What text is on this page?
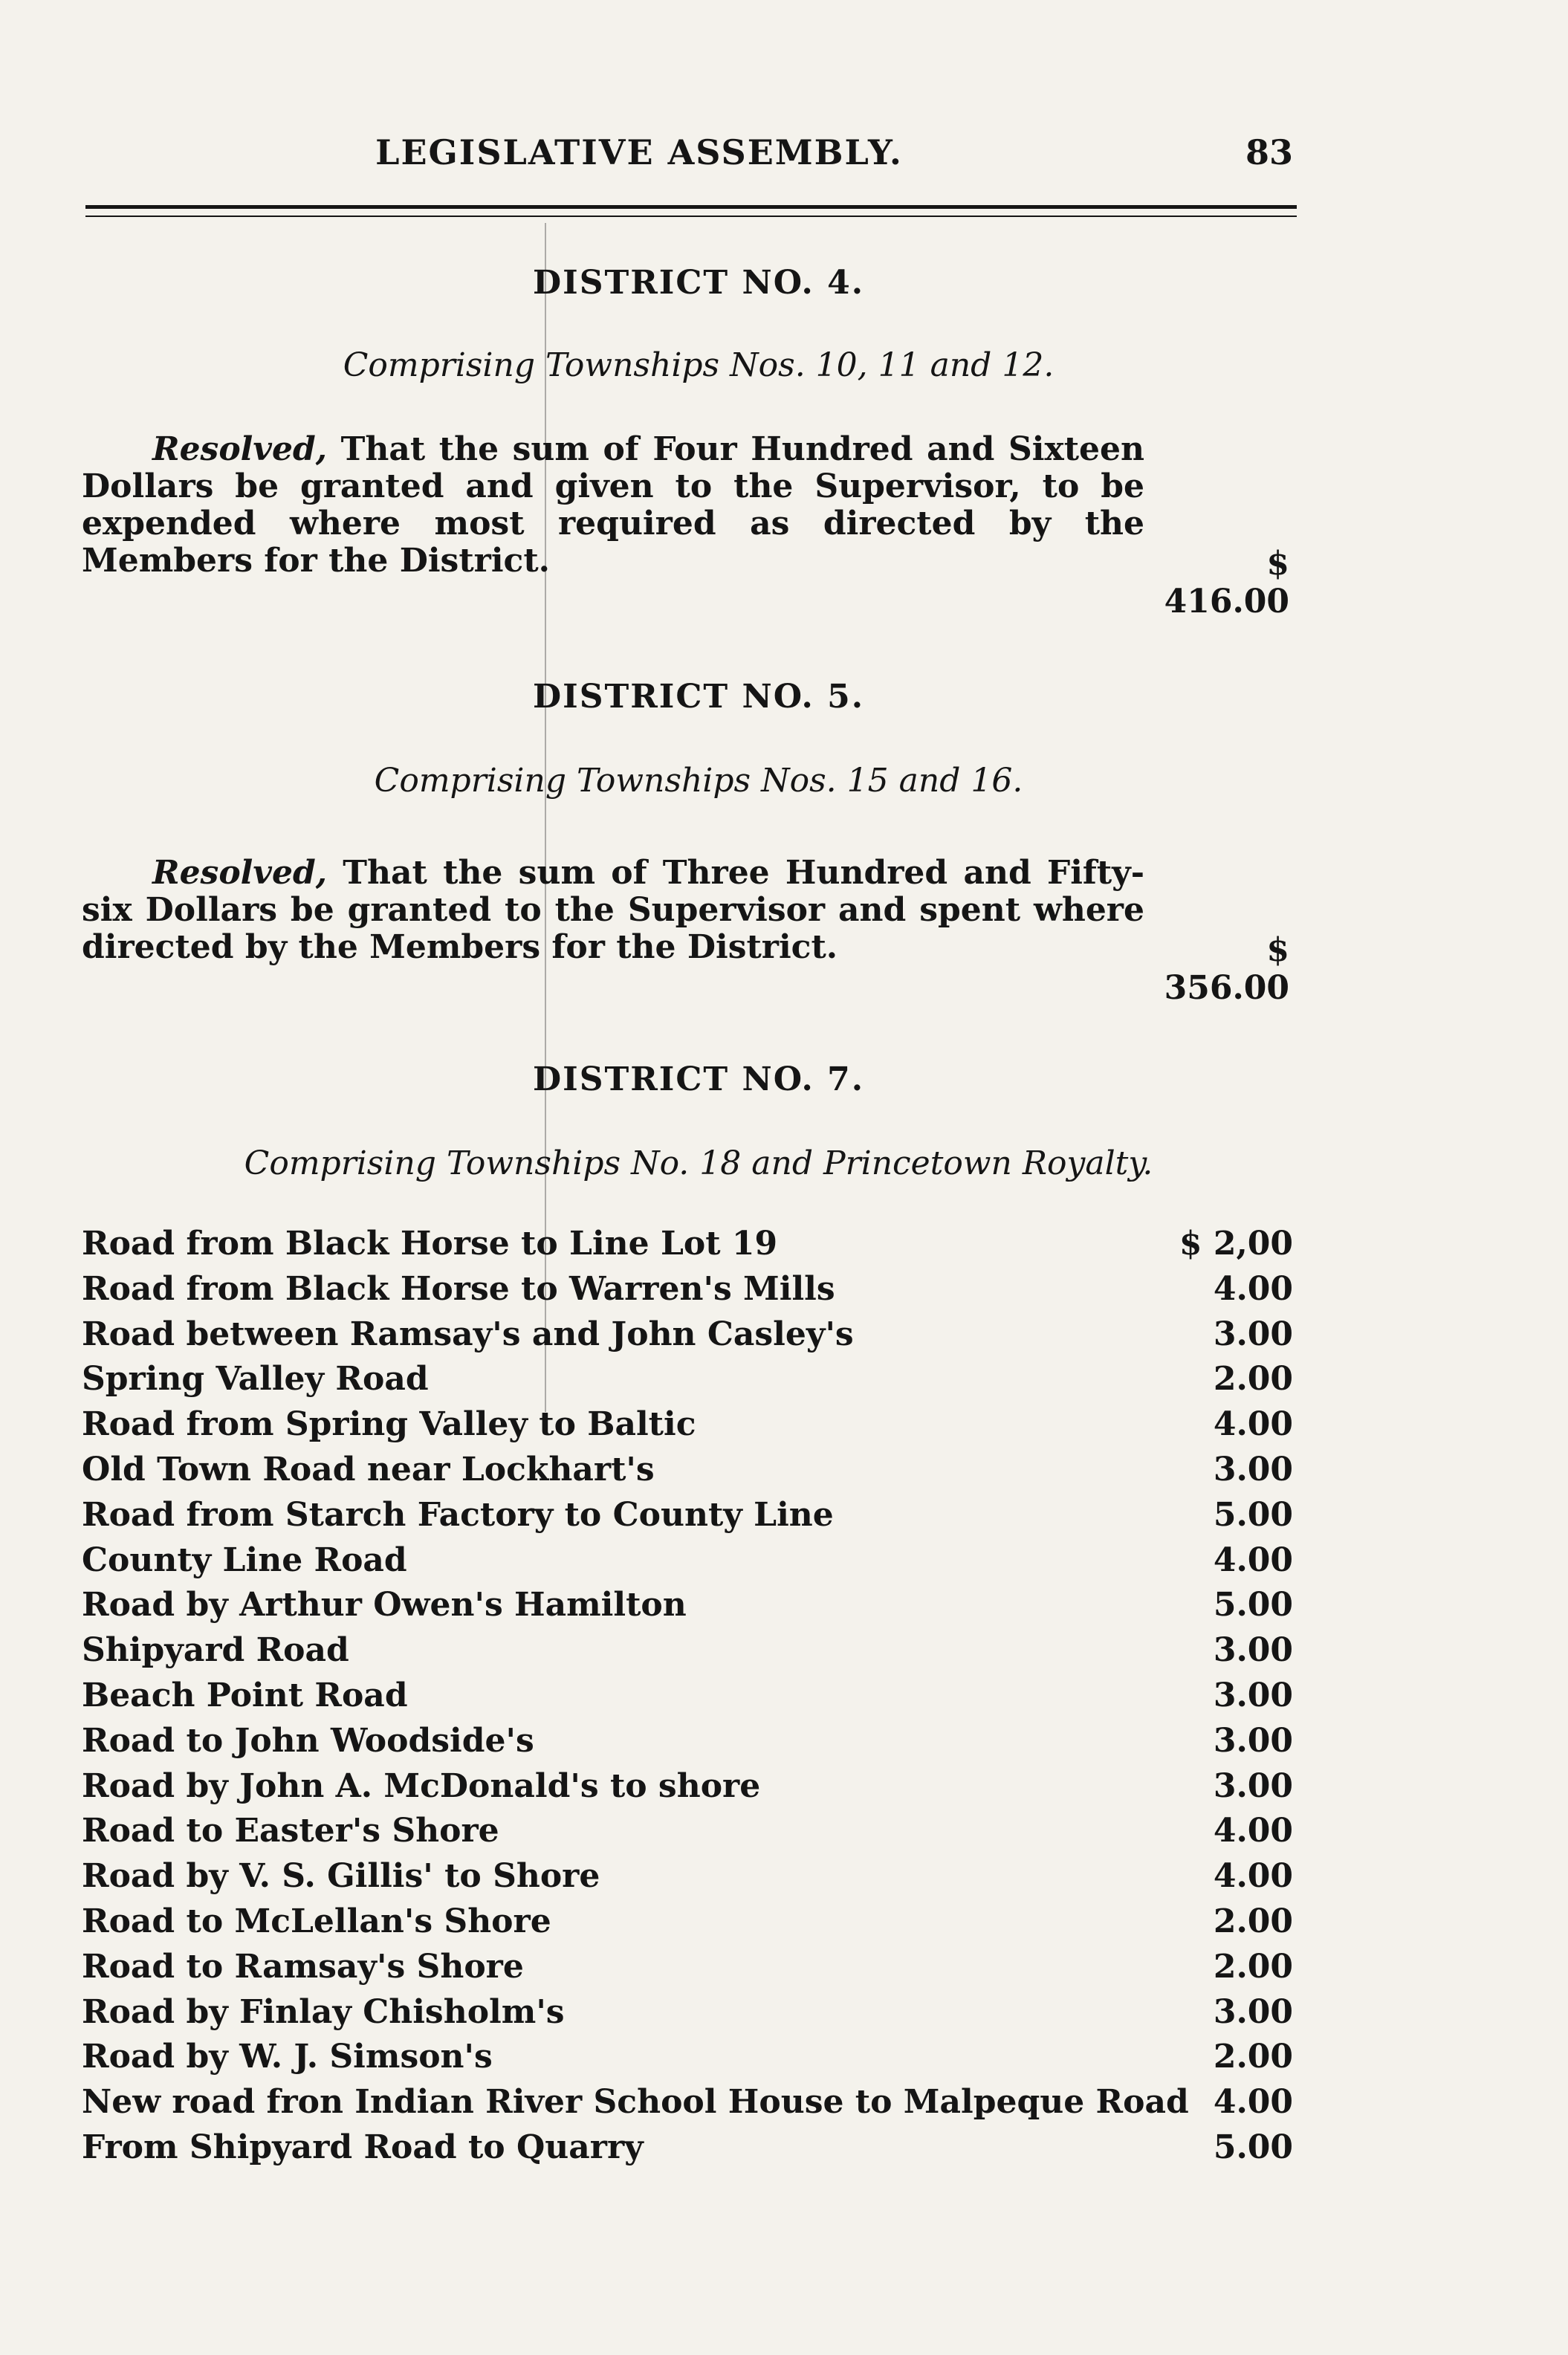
LEGISLATIVE ASSEMBLY.	83
DISTRICT NO. 4.
Comprising Townships Nos. 10, 11 and 12.
Resolved, That the sum of Four Hundred and Sixteen Dollars be granted and given to the Supervisor, to be expended where most required as directed by the Members for the District.	$ 416.00
DISTRICT NO. 5.
Comprising Townships Nos. 15 and 16.
Resolved, That the sum of Three Hundred and Fifty-six Dollars be granted to the Supervisor and spent where directed by the Members for the District.	$ 356.00
DISTRICT NO. 7.
Comprising Townships No. 18 and Princetown Royalty.
Road from Black Horse to Line Lot 19	$ 2,00
Road from Black Horse to Warren's Mills	4.00
Road between Ramsay's and John Casley's	3.00
Spring Valley Road	2.00
Road from Spring Valley to Baltic	4.00
Old Town Road near Lockhart's	3.00
Road from Starch Factory to County Line	5.00
County Line Road	4.00
Road by Arthur Owen's Hamilton	5.00
Shipyard Road	3.00
Beach Point Road	3.00
Road to John Woodside's	3.00
Road by John A. McDonald's to shore	3.00
Road to Easter's Shore	4.00
Road by V. S. Gillis' to Shore	4.00
Road to McLellan's Shore	2.00
Road to Ramsay's Shore	2.00
Road by Finlay Chisholm's	3.00
Road by W. J. Simson's	2.00
New road fron Indian River School House to Malpeque Road 4.00
From Shipyard Road to Quarry	5.00
